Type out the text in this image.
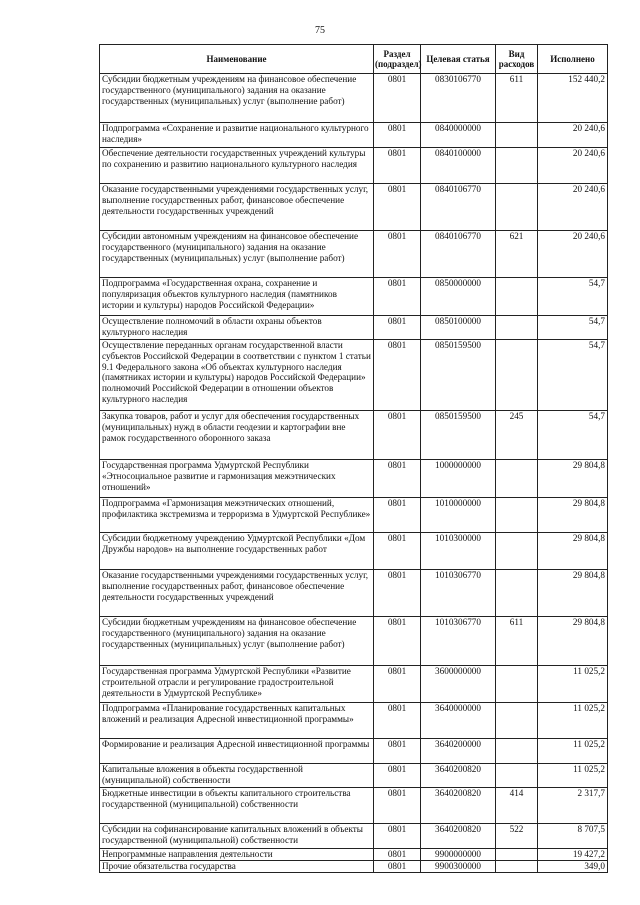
75
Наименование	Раздел (подраздел)	Целевая статья	Вид расходов	Исполнено
Субсидии бюджетным учреждениям на финансовое обеспечение государственного (муниципального) задания на оказание государственных (муниципальных) услуг (выполнение работ)	0801	0830106770	611	152 440,2
Подпрограмма «Сохранение и развитие национального культурного наследия»	0801	0840000000		20 240,6
Обеспечение деятельности государственных учреждений культуры по сохранению и развитию национального культурного наследия	0801	0840100000		20 240,6
Оказание государственными учреждениями государственных услуг, выполнение государственных работ, финансовое обеспечение деятельности государственных учреждений	0801	0840106770		20 240,6
Субсидии автономным учреждениям на финансовое обеспечение государственного (муниципального) задания на оказание государственных (муниципальных) услуг (выполнение работ)	0801	0840106770	621	20 240,6
Подпрограмма «Государственная охрана, сохранение и популяризация объектов культурного наследия (памятников истории и культуры) народов Российской Федерации»	0801	0850000000		54,7
Осуществление полномочий в области охраны объектов культурного наследия	0801	0850100000		54,7
Осуществление переданных органам государственной власти субъектов Российской Федерации в соответствии с пунктом 1 статьи 9.1 Федерального закона «Об объектах культурного наследия (памятниках истории и культуры) народов Российской Федерации» полномочий Российской Федерации в отношении объектов культурного наследия	0801	0850159500		54,7
Закупка товаров, работ и услуг для обеспечения государственных (муниципальных) нужд в области геодезии и картографии вне рамок государственного оборонного заказа	0801	0850159500	245	54,7
Государственная программа Удмуртской Республики «Этносоциальное развитие и гармонизация межэтнических отношений»	0801	1000000000		29 804,8
Подпрограмма «Гармонизация межэтнических отношений, профилактика экстремизма и терроризма в Удмуртской Республике»	0801	1010000000		29 804,8
Субсидии бюджетному учреждению Удмуртской Республики «Дом Дружбы народов» на выполнение государственных работ	0801	1010300000		29 804,8
Оказание государственными учреждениями государственных услуг, выполнение государственных работ, финансовое обеспечение деятельности государственных учреждений	0801	1010306770		29 804,8
Субсидии бюджетным учреждениям на финансовое обеспечение государственного (муниципального) задания на оказание государственных (муниципальных) услуг (выполнение работ)	0801	1010306770	611	29 804,8
Государственная программа Удмуртской Республики «Развитие строительной отрасли и регулирование градостроительной деятельности в Удмуртской Республике»	0801	3600000000		11 025,2
Подпрограмма «Планирование государственных капитальных вложений и реализация Адресной инвестиционной программы»	0801	3640000000		11 025,2
Формирование и реализация Адресной инвестиционной программы	0801	3640200000		11 025,2
Капитальные вложения в объекты государственной (муниципальной) собственности	0801	3640200820		11 025,2
Бюджетные инвестиции в объекты капитального строительства государственной (муниципальной) собственности	0801	3640200820	414	2 317,7
Субсидии на софинансирование капитальных вложений в объекты государственной (муниципальной) собственности	0801	3640200820	522	8 707,5
Непрограммные направления деятельности	0801	9900000000		19 427,2
Прочие обязательства государства	0801	9900300000		349,0
